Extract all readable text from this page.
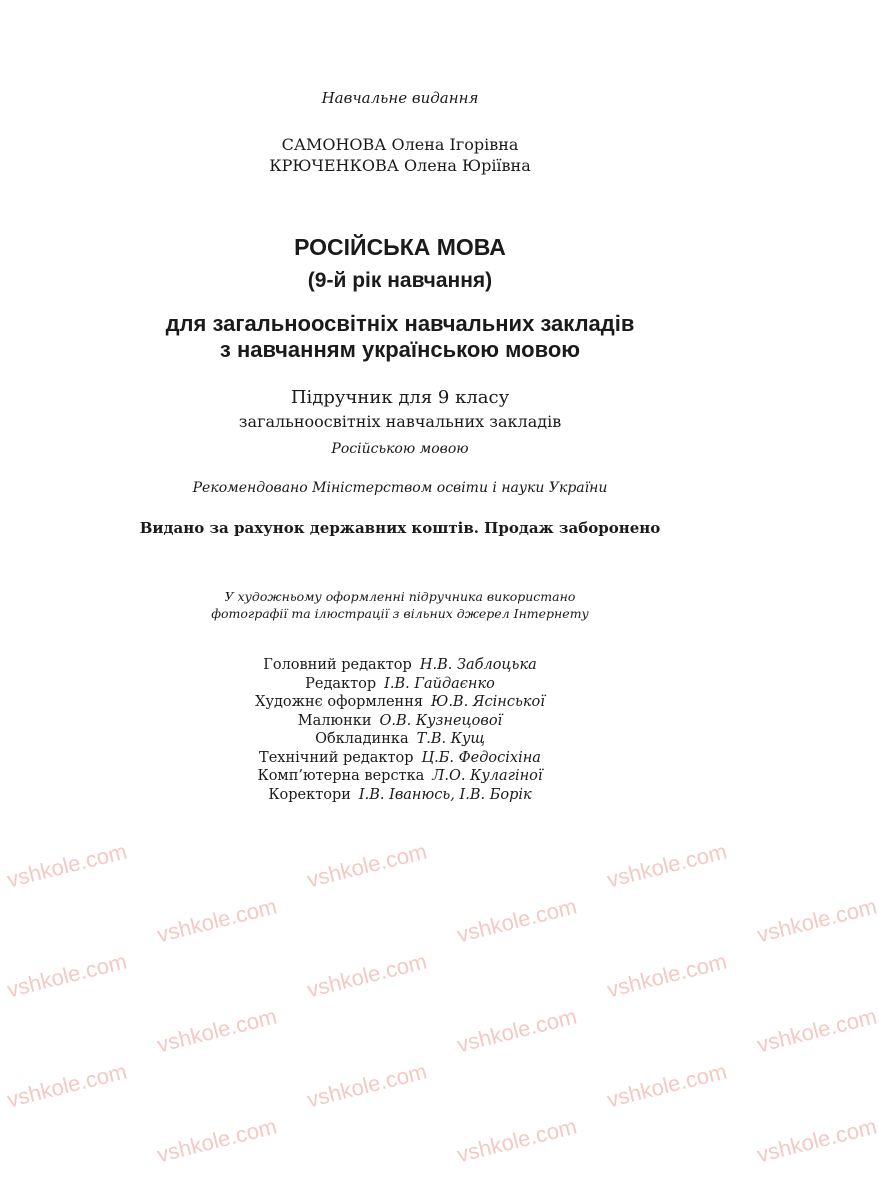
vshkole.com	vshkole.com	vshkole.com
vshkole.com	vshkole.com	vshkole.com
vshkole.com	vshkole.com	vshkole.com
vshkole.com	vshkole.com	vshkole.com
vshkole.com	vshkole.com	vshkole.com
vshkole.com	vshkole.com	vshkole.com
Навчальне видання
САМОНОВА Олена Ігорівна
КРЮЧЕНКОВА Олена Юріївна
РОСІЙСЬКА МОВА
(9-й рік навчання)
для загальноосвітніх навчальних закладів
з навчанням українською мовою
Підручник для 9 класу
загальноосвітніх навчальних закладів
Російською мовою
Рекомендовано Міністерством освіти і науки України
Видано за рахунок державних коштів. Продаж заборонено
У художньому оформленні підручника використано
фотографії та ілюстрації з вільних джерел Інтернету
Головний редактор Н.В. Заблоцька
Редактор І.В. Гайдаєнко
Художнє оформлення Ю.В. Ясінської
Малюнки О.В. Кузнецової
Обкладинка Т.В. Кущ
Технічний редактор Ц.Б. Федосіхіна
Комп’ютерна верстка Л.О. Кулагіної
Коректори І.В. Іванюсь, І.В. Борік
